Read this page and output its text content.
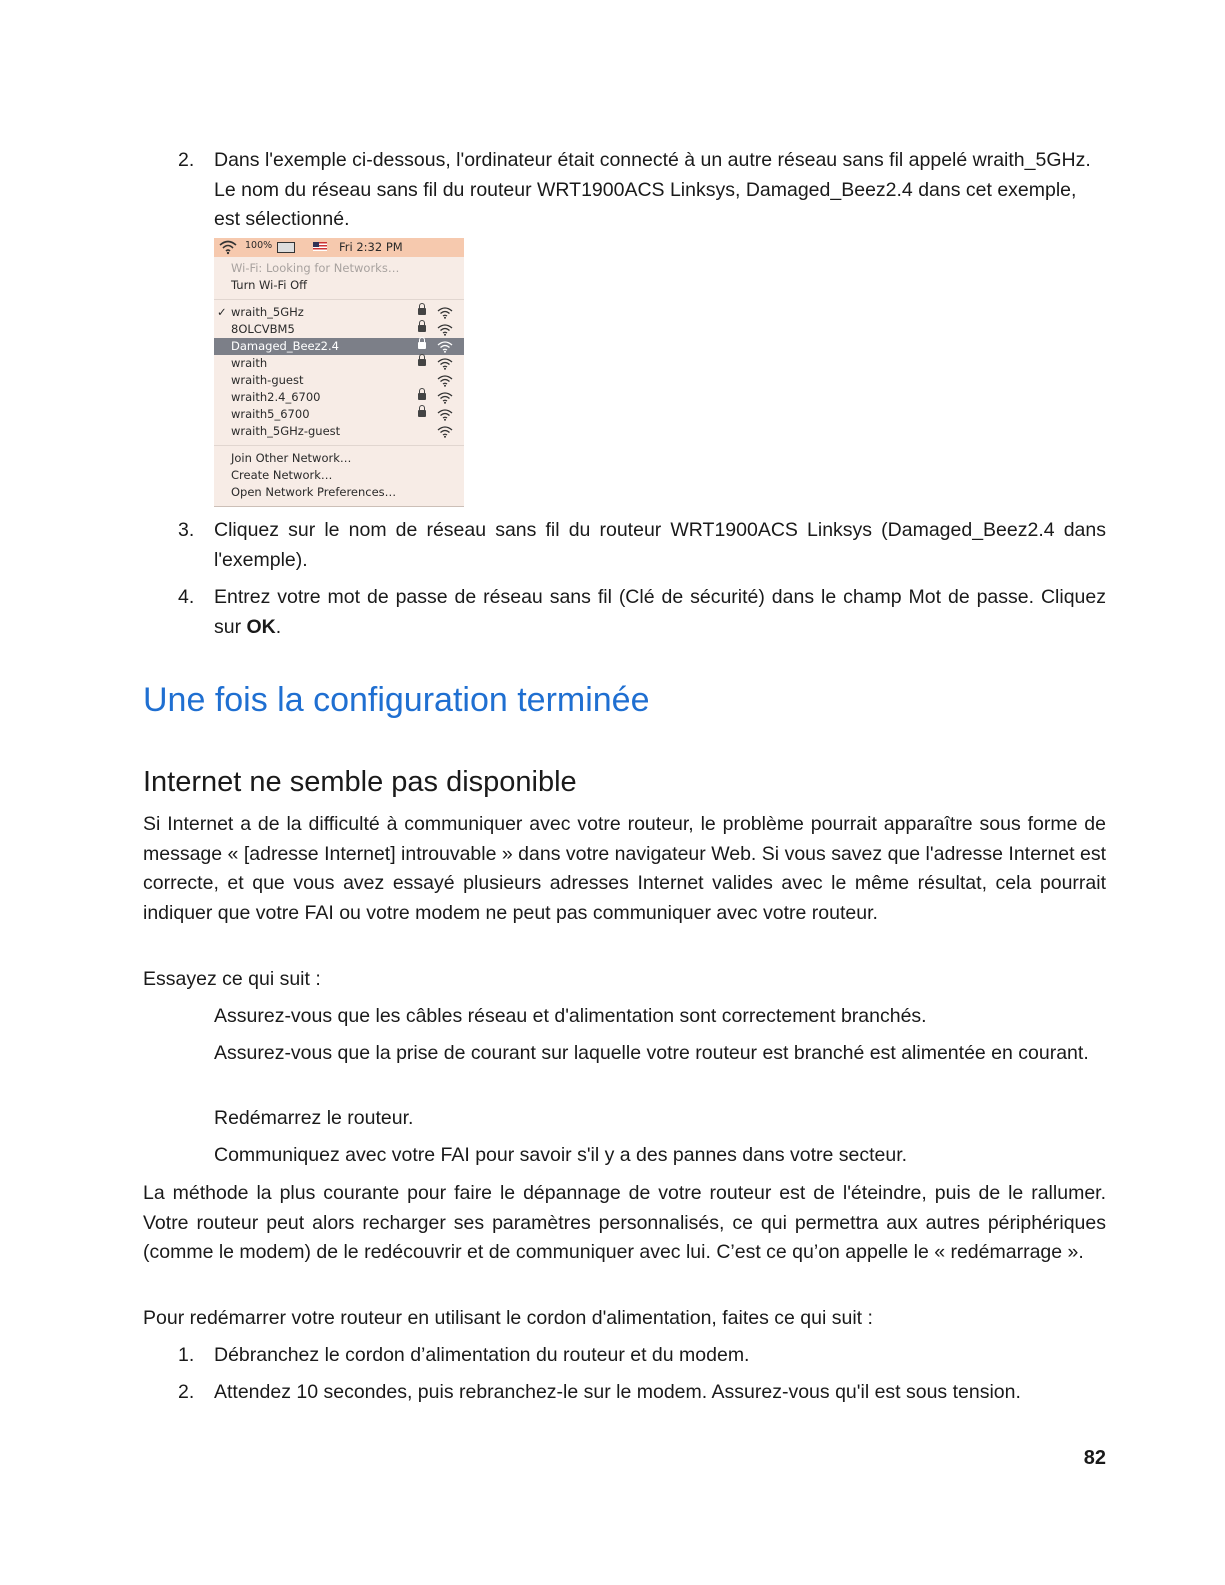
2.	Dans l'exemple ci-dessous, l'ordinateur était connecté à un autre réseau sans fil appelé wraith_5GHz. Le nom du réseau sans fil du routeur WRT1900ACS Linksys, Damaged_Beez2.4 dans cet exemple, est sélectionné.
100%	Fri 2:32 PM
Wi-Fi: Looking for Networks…
Turn Wi-Fi Off
✓ wraith_5GHz
8OLCVBM5
Damaged_Beez2.4
wraith
wraith-guest
wraith2.4_6700
wraith5_6700
wraith_5GHz-guest
Join Other Network…
Create Network…
Open Network Preferences…
3.	Cliquez sur le nom de réseau sans fil du routeur WRT1900ACS Linksys (Damaged_Beez2.4 dans l'exemple).
4.	Entrez votre mot de passe de réseau sans fil (Clé de sécurité) dans le champ Mot de passe. Cliquez sur OK.
Une fois la configuration terminée
Internet ne semble pas disponible
Si Internet a de la difficulté à communiquer avec votre routeur, le problème pourrait apparaître sous forme de message « [adresse Internet] introuvable » dans votre navigateur Web. Si vous savez que l'adresse Internet est correcte, et que vous avez essayé plusieurs adresses Internet valides avec le même résultat, cela pourrait indiquer que votre FAI ou votre modem ne peut pas communiquer avec votre routeur.
Essayez ce qui suit :
Assurez-vous que les câbles réseau et d'alimentation sont correctement branchés.
Assurez-vous que la prise de courant sur laquelle votre routeur est branché est alimentée en courant.
Redémarrez le routeur.
Communiquez avec votre FAI pour savoir s'il y a des pannes dans votre secteur.
La méthode la plus courante pour faire le dépannage de votre routeur est de l'éteindre, puis de le rallumer. Votre routeur peut alors recharger ses paramètres personnalisés, ce qui permettra aux autres périphériques (comme le modem) de le redécouvrir et de communiquer avec lui. C’est ce qu’on appelle le « redémarrage ».
Pour redémarrer votre routeur en utilisant le cordon d'alimentation, faites ce qui suit :
1.	Débranchez le cordon d’alimentation du routeur et du modem.
2.	Attendez 10 secondes, puis rebranchez-le sur le modem. Assurez-vous qu'il est sous tension.
82
